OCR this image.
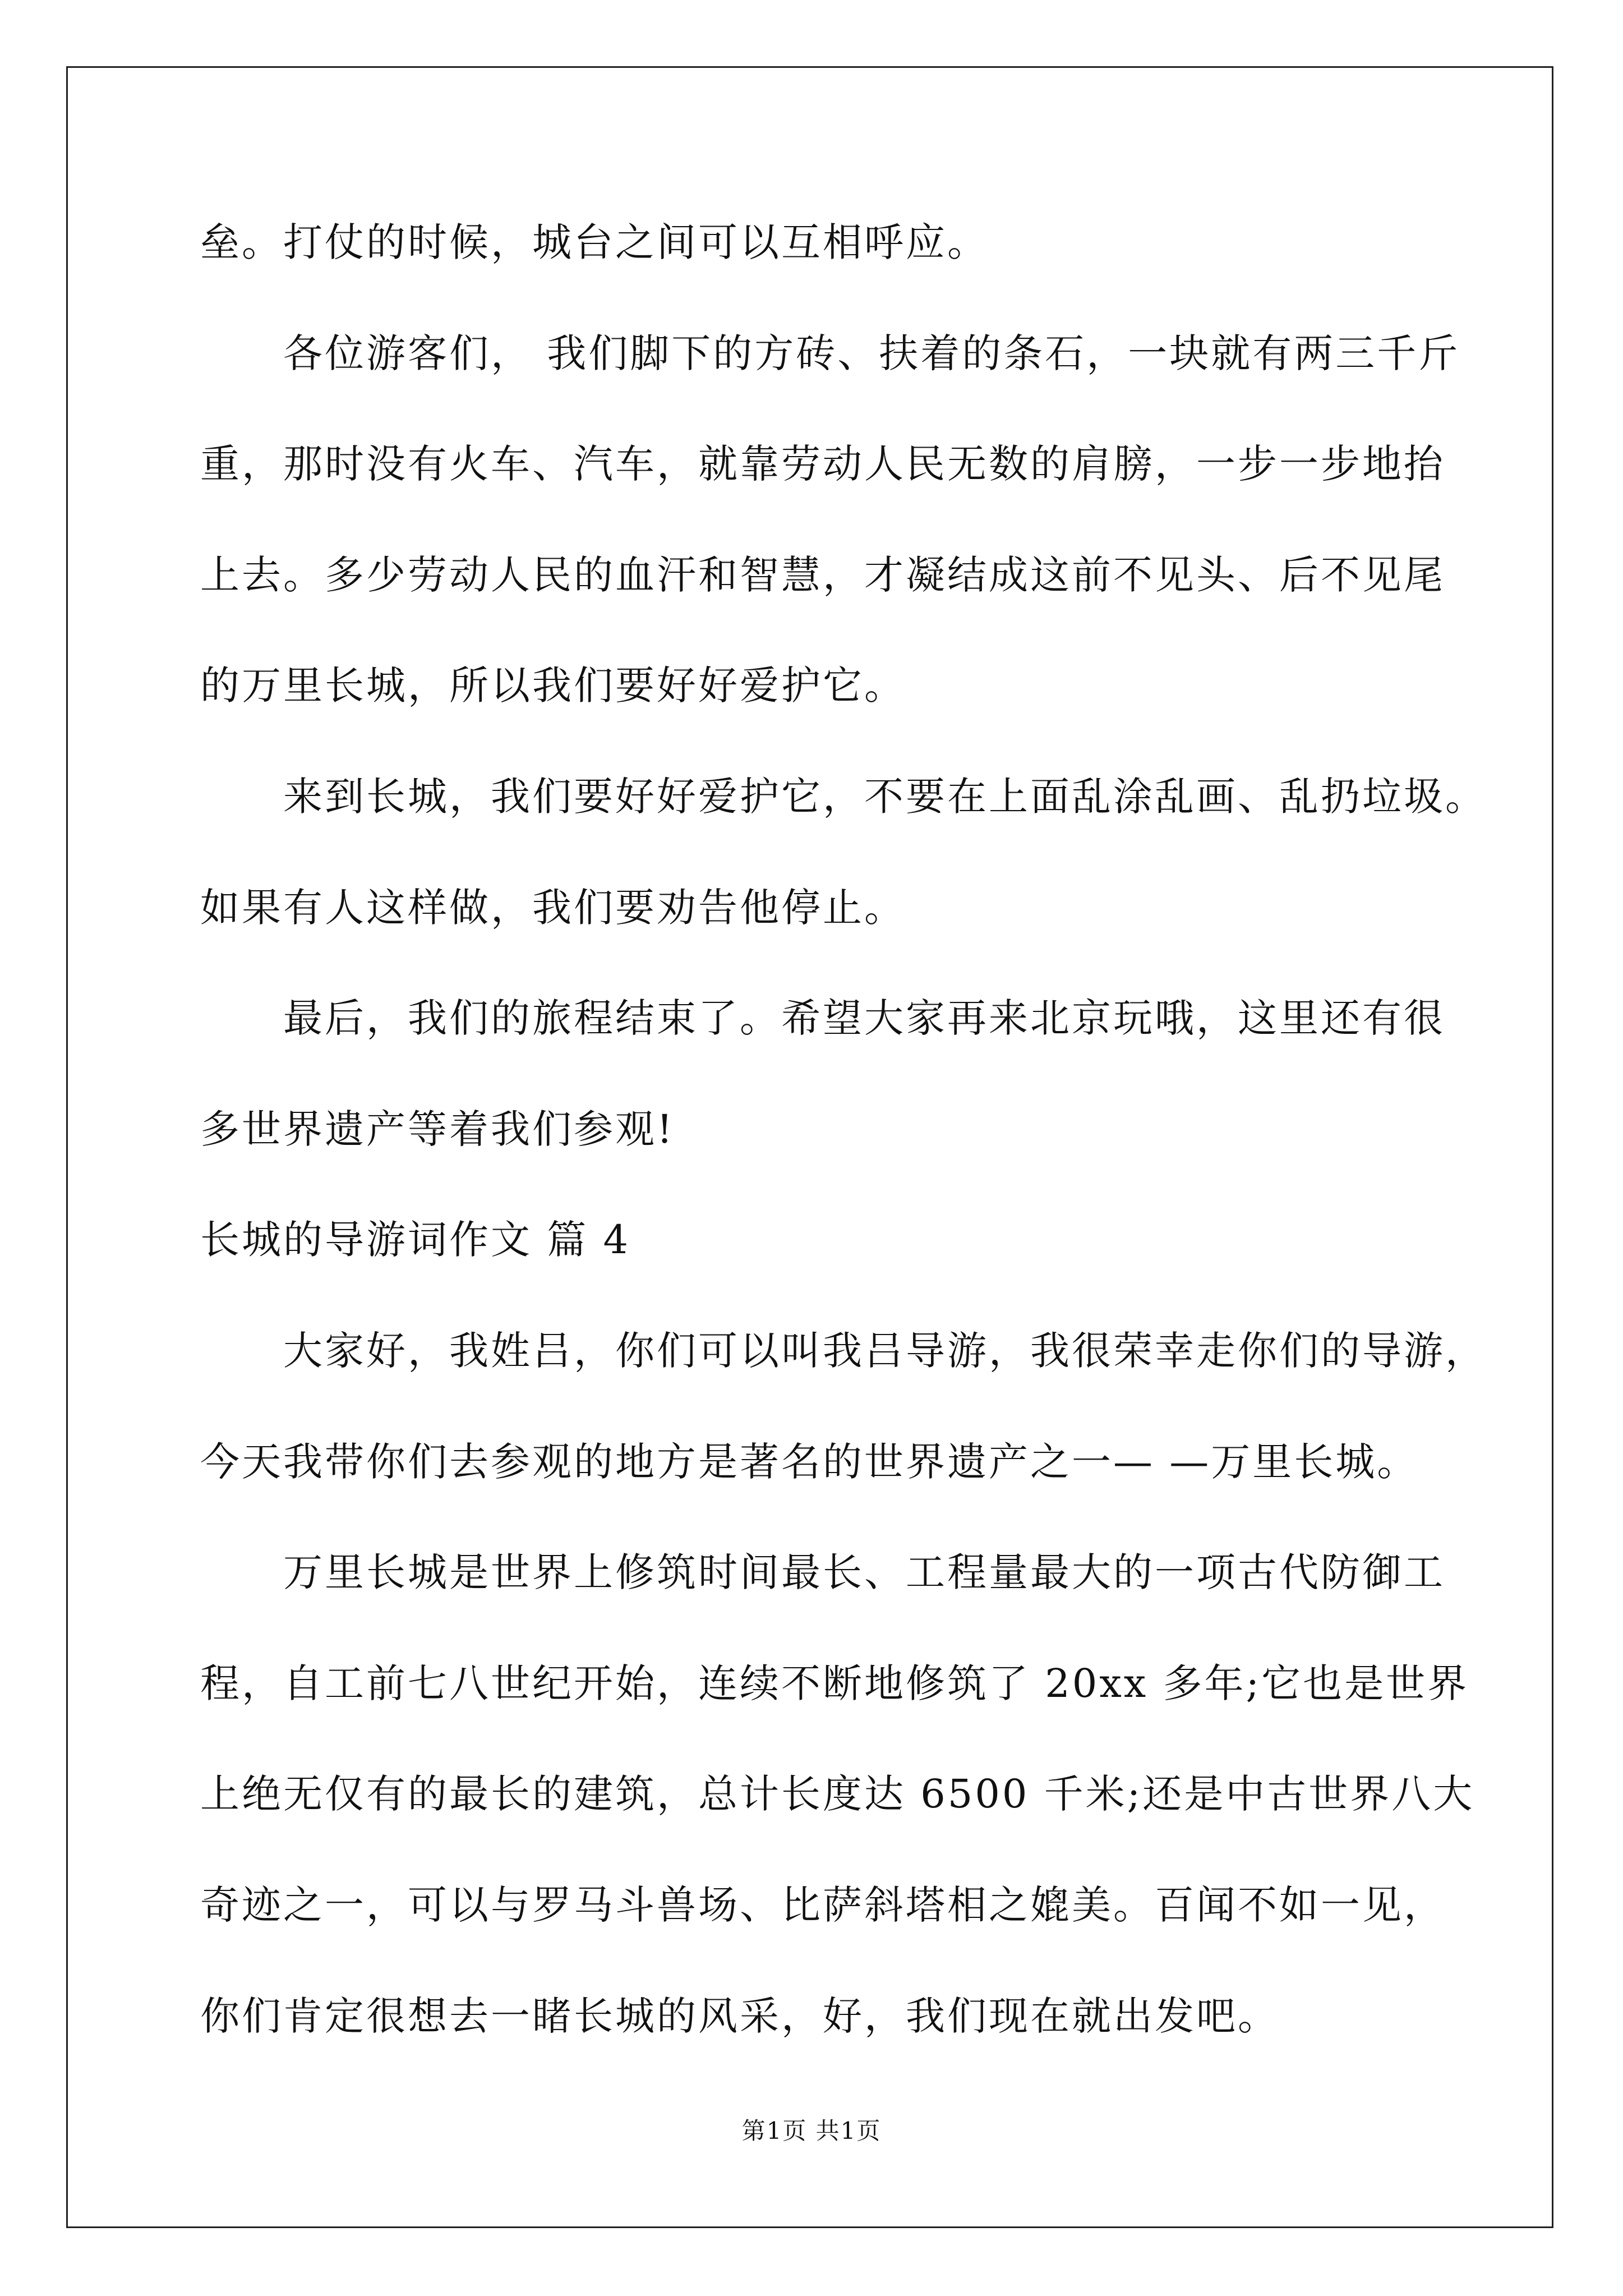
垒。打仗的时候，城台之间可以互相呼应。
各位游客们， 我们脚下的方砖、扶着的条石，一块就有两三千斤
重，那时没有火车、汽车，就靠劳动人民无数的肩膀，一步一步地抬
上去。多少劳动人民的血汗和智慧，才凝结成这前不见头、后不见尾
的万里长城，所以我们要好好爱护它。
来到长城，我们要好好爱护它，不要在上面乱涂乱画、乱扔垃圾。
如果有人这样做，我们要劝告他停止。
最后，我们的旅程结束了。希望大家再来北京玩哦，这里还有很
多世界遗产等着我们参观!
长城的导游词作文 篇 4
大家好，我姓吕，你们可以叫我吕导游，我很荣幸走你们的导游，
今天我带你们去参观的地方是著名的世界遗产之一— —万里长城。
万里长城是世界上修筑时间最长、工程量最大的一项古代防御工
程，自工前七八世纪开始，连续不断地修筑了 20xx 多年;它也是世界
上绝无仅有的最长的建筑，总计长度达 6500 千米;还是中古世界八大
奇迹之一，可以与罗马斗兽场、比萨斜塔相之媲美。百闻不如一见，
你们肯定很想去一睹长城的风采，好，我们现在就出发吧。
第1页 共1页
